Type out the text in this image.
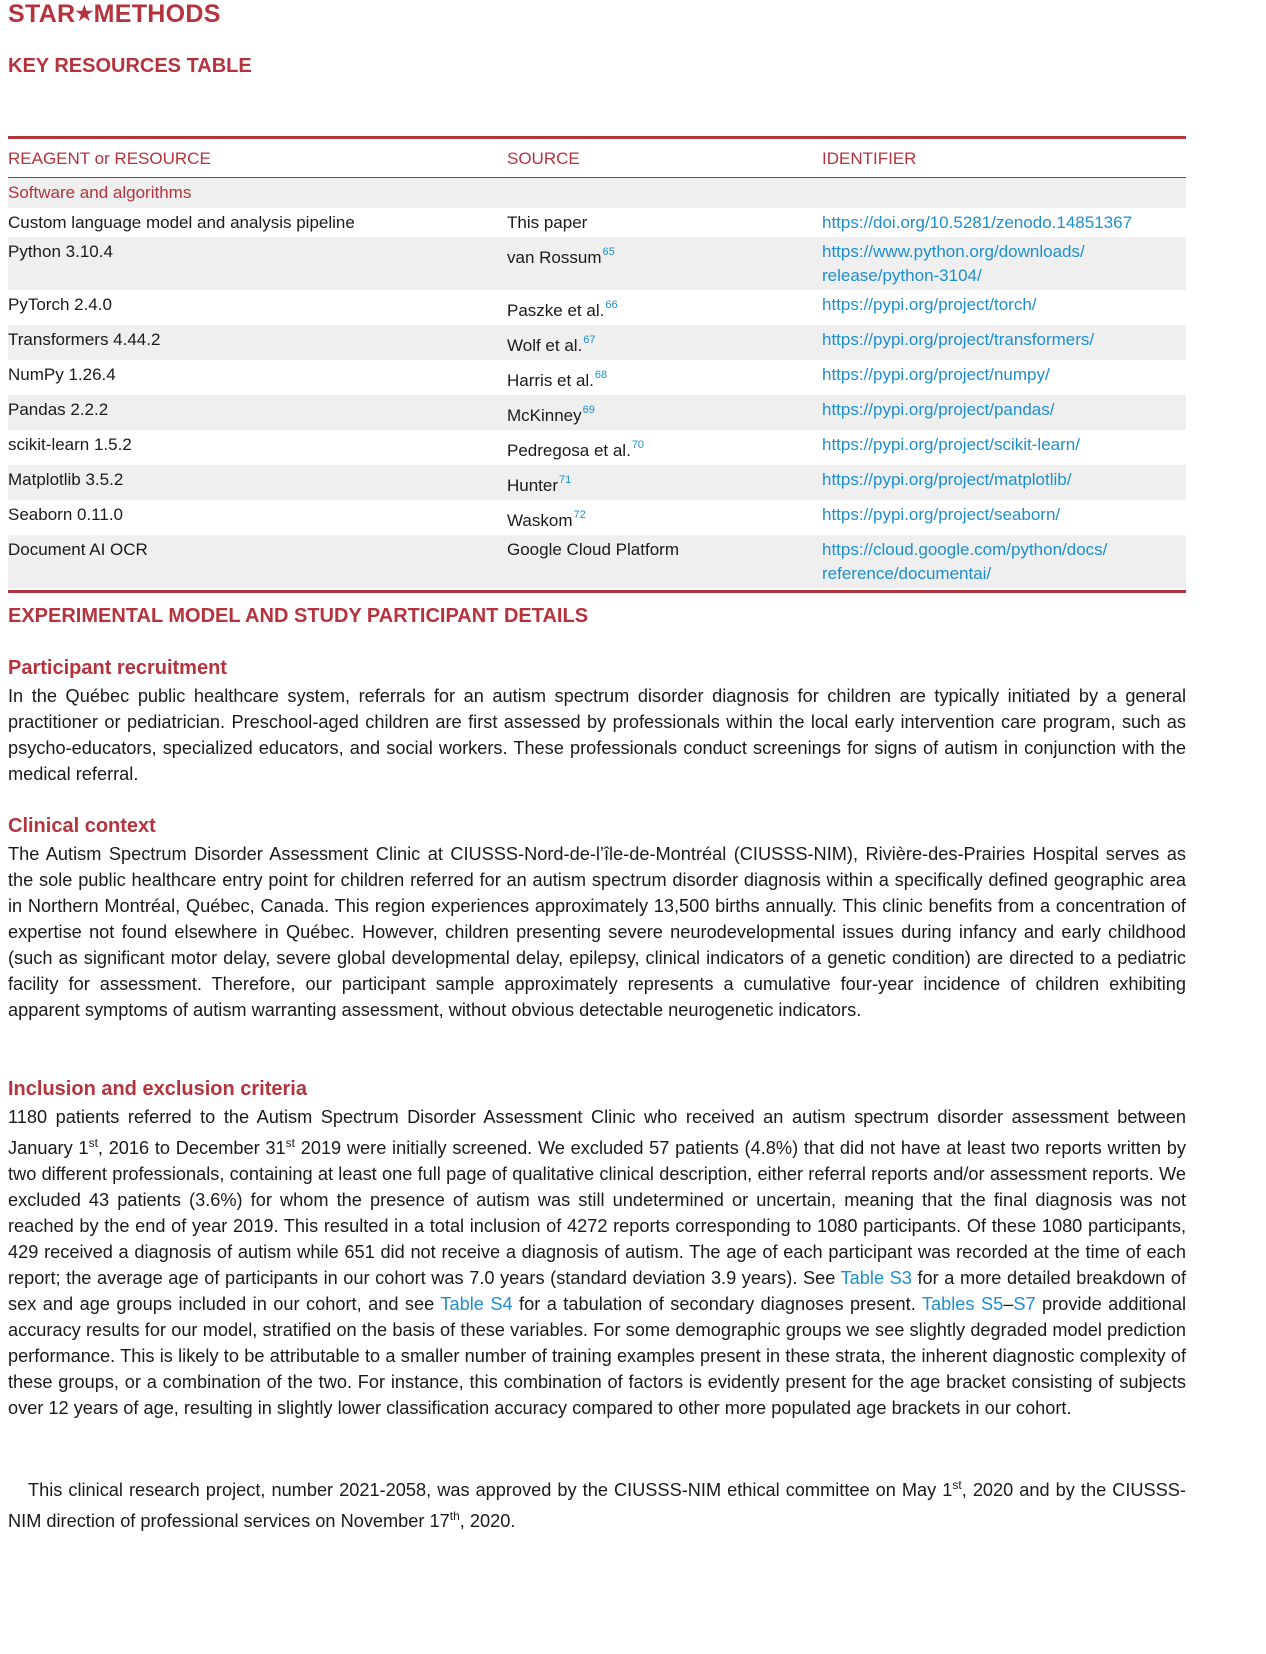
STAR★METHODS
KEY RESOURCES TABLE
REAGENT or RESOURCE	SOURCE	IDENTIFIER
Software and algorithms
Custom language model and analysis pipeline	This paper	https://doi.org/10.5281/zenodo.14851367
Python 3.10.4	van Rossum$^{65}$	https://www.python.org/downloads/
release/python-3104/
PyTorch 2.4.0	Paszke et al.$^{66}$	https://pypi.org/project/torch/
Transformers 4.44.2	Wolf et al.$^{67}$	https://pypi.org/project/transformers/
NumPy 1.26.4	Harris et al.$^{68}$	https://pypi.org/project/numpy/
Pandas 2.2.2	McKinney$^{69}$	https://pypi.org/project/pandas/
scikit-learn 1.5.2	Pedregosa et al.$^{70}$	https://pypi.org/project/scikit-learn/
Matplotlib 3.5.2	Hunter$^{71}$	https://pypi.org/project/matplotlib/
Seaborn 0.11.0	Waskom$^{72}$	https://pypi.org/project/seaborn/
Document AI OCR	Google Cloud Platform	https://cloud.google.com/python/docs/
reference/documentai/
EXPERIMENTAL MODEL AND STUDY PARTICIPANT DETAILS
Participant recruitment

In the Québec public healthcare system, referrals for an autism spectrum disorder diagnosis for children are typically initiated by a general practitioner or pediatrician. Preschool-aged children are first assessed by professionals within the local early intervention care program, such as psycho-educators, specialized educators, and social workers. These professionals conduct screenings for signs of autism in conjunction with the medical referral.

Clinical context

The Autism Spectrum Disorder Assessment Clinic at CIUSSS-Nord-de-l’île-de-Montréal (CIUSSS-NIM), Rivière-des-Prairies Hospital serves as the sole public healthcare entry point for children referred for an autism spectrum disorder diagnosis within a specifically defined geographic area in Northern Montréal, Québec, Canada. This region experiences approximately 13,500 births annually. This clinic benefits from a concentration of expertise not found elsewhere in Québec. However, children presenting severe neurodevelopmental issues during infancy and early childhood (such as significant motor delay, severe global developmental delay, epilepsy, clinical indicators of a genetic condition) are directed to a pediatric facility for assessment. Therefore, our participant sample approximately represents a cumulative four-year incidence of children exhibiting apparent symptoms of autism warranting assessment, without obvious detectable neurogenetic indicators.

Inclusion and exclusion criteria

1180 patients referred to the Autism Spectrum Disorder Assessment Clinic who received an autism spectrum disorder assessment between January 1st, 2016 to December 31st 2019 were initially screened. We excluded 57 patients (4.8%) that did not have at least two reports written by two different professionals, containing at least one full page of qualitative clinical description, either referral reports and/or assessment reports. We excluded 43 patients (3.6%) for whom the presence of autism was still undetermined or uncertain, meaning that the final diagnosis was not reached by the end of year 2019. This resulted in a total inclusion of 4272 reports corresponding to 1080 participants. Of these 1080 participants, 429 received a diagnosis of autism while 651 did not receive a diagnosis of autism. The age of each participant was recorded at the time of each report; the average age of participants in our cohort was 7.0 years (standard deviation 3.9 years). See Table S3 for a more detailed breakdown of sex and age groups included in our cohort, and see Table S4 for a tabulation of secondary diagnoses present. Tables S5–S7 provide additional accuracy results for our model, stratified on the basis of these variables. For some demographic groups we see slightly degraded model prediction performance. This is likely to be attributable to a smaller number of training examples present in these strata, the inherent diagnostic complexity of these groups, or a combination of the two. For instance, this combination of factors is evidently present for the age bracket consisting of subjects over 12 years of age, resulting in slightly lower classification accuracy compared to other more populated age brackets in our cohort.

This clinical research project, number 2021-2058, was approved by the CIUSSS-NIM ethical committee on May 1st, 2020 and by the CIUSSS-NIM direction of professional services on November 17th, 2020.
